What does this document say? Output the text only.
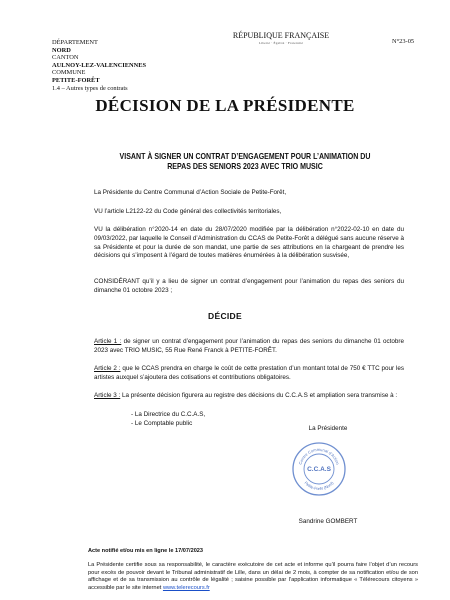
DÉPARTEMENT
NORD
CANTON
AULNOY-LEZ-VALENCIENNES
COMMUNE
PETITE-FORÊT
1.4 – Autres types de contrats
RÉPUBLIQUE FRANÇAISE
Liberté · Égalité · Fraternité	N°23-05
DÉCISION DE LA PRÉSIDENTE
VISANT À SIGNER UN CONTRAT D’ENGAGEMENT POUR L’ANIMATION DU REPAS DES SENIORS 2023 AVEC TRIO MUSIC
La Présidente du Centre Communal d’Action Sociale de Petite-Forêt,
VU l’article L2122-22 du Code général des collectivités territoriales,
VU la délibération n°2020-14 en date du 28/07/2020 modifiée par la délibération n°2022-02-10 en date du 09/03/2022, par laquelle le Conseil d’Administration du CCAS de Petite-Forêt a délégué sans aucune réserve à sa Présidente et pour la durée de son mandat, une partie de ses attributions en la chargeant de prendre les décisions qui s’imposent à l’égard de toutes matières énumérées à la délibération susvisée,
CONSIDÉRANT qu’il y a lieu de signer un contrat d’engagement pour l’animation du repas des seniors du dimanche 01 octobre 2023 ;
DÉCIDE
Article 1 : de signer un contrat d’engagement pour l’animation du repas des seniors du dimanche 01 octobre 2023 avec TRIO MUSIC, 55 Rue René Franck à PETITE-FORÊT.
Article 2 : que le CCAS prendra en charge le coût de cette prestation d’un montant total de 750 € TTC pour les artistes auxquel s’ajoutera des cotisations et contributions obligatoires.
Article 3 : La présente décision figurera au registre des décisions du C.C.A.S et ampliation sera transmise à :
- La Directrice du C.C.A.S,
- Le Comptable public
La Présidente
Centre Communal d'Action
Petite-Forêt (Nord)
C.C.A.S
Sandrine GOMBERT
Acte notifié et/ou mis en ligne le 17/07/2023
La Présidente certifie sous sa responsabilité, le caractère exécutoire de cet acte et informe qu’il pourra faire l’objet d’un recours pour excès de pouvoir devant le Tribunal administratif de Lille, dans un délai de 2 mois, à compter de sa notification et/ou de son affichage et de sa transmission au contrôle de légalité ; saisine possible par l’application informatique « Télérecours citoyens » accessible par le site internet www.telerecours.fr
